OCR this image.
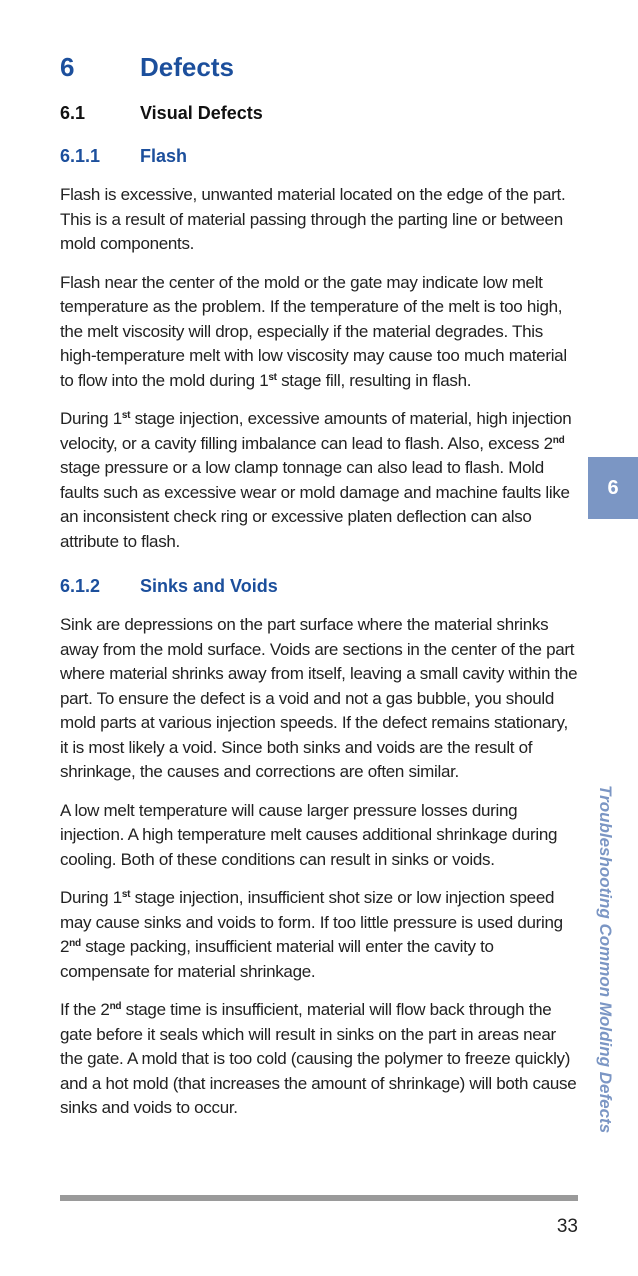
6	Defects
6.1	Visual Defects
6.1.1	Flash

Flash is excessive, unwanted material located on the edge of the part. This is a result of material passing through the parting line or between mold components.

Flash near the center of the mold or the gate may indicate low melt temperature as the problem. If the temperature of the melt is too high, the melt viscosity will drop, especially if the material degrades. This high-temperature melt with low viscosity may cause too much material to flow into the mold during 1st stage fill, resulting in flash.

During 1st stage injection, excessive amounts of material, high injection velocity, or a cavity filling imbalance can lead to flash. Also, excess 2nd stage pressure or a low clamp tonnage can also lead to flash. Mold faults such as excessive wear or mold damage and machine faults like an inconsistent check ring or excessive platen deflection can also attribute to flash.

6.1.2	Sinks and Voids

Sink are depressions on the part surface where the material shrinks away from the mold surface. Voids are sections in the center of the part where material shrinks away from itself, leaving a small cavity within the part. To ensure the defect is a void and not a gas bubble, you should mold parts at various injection speeds. If the defect remains stationary, it is most likely a void. Since both sinks and voids are the result of shrinkage, the causes and corrections are often similar.

A low melt temperature will cause larger pressure losses during injection. A high temperature melt causes additional shrinkage during cooling. Both of these conditions can result in sinks or voids.

During 1st stage injection, insufficient shot size or low injection speed may cause sinks and voids to form. If too little pressure is used during 2nd stage packing, insufficient material will enter the cavity to compensate for material shrinkage.

If the 2nd stage time is insufficient, material will flow back through the gate before it seals which will result in sinks on the part in areas near the gate. A mold that is too cold (causing the polymer to freeze quickly) and a hot mold (that increases the amount of shrinkage) will both cause sinks and voids to occur.

6
Troubleshooting Common Molding Defects
33
